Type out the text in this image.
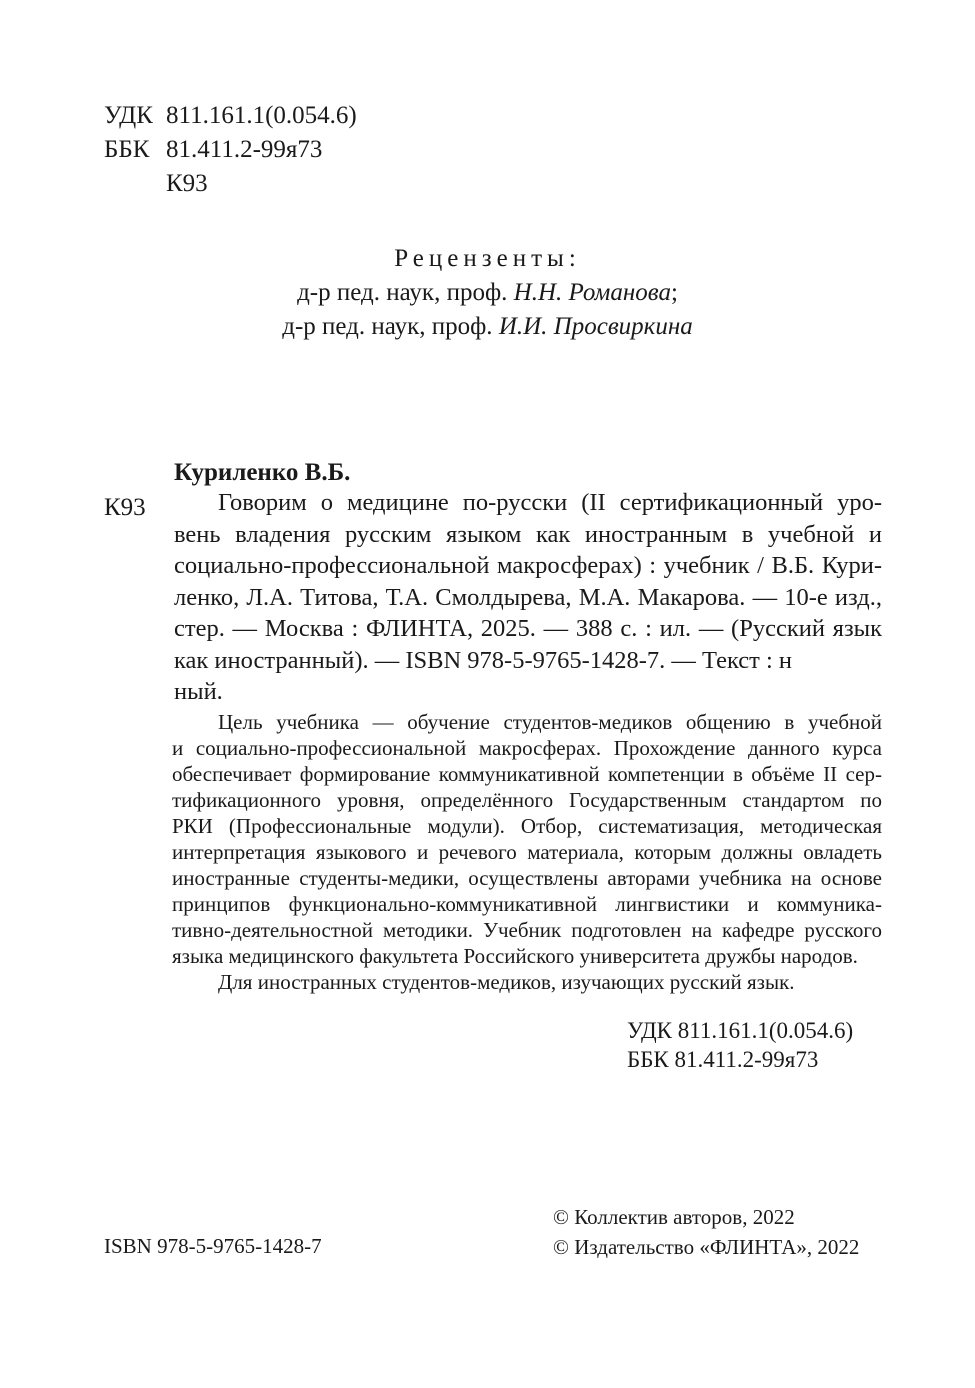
УДК 811.161.1(0.054.6)
ББК 81.411.2-99я73
К93
Рецензенты:
д-р пед. наук, проф. Н.Н. Романова;
д-р пед. наук, проф. И.И. Просвиркина
Куриленко В.Б.
К93	Говорим о медицине по-русски (II сертификационный уро-
вень владения русским языком как иностранным в учебной и
социально-профессиональной макросферах) : учебник / В.Б. Кури-
ленко, Л.А. Титова, Т.А. Смолдырева, М.А. Макарова. — 10-е изд.,
стер. — Москва : ФЛИНТА, 2025. — 388 с. : ил. — (Русский язык
как иностранный). — ISBN 978-5-9765-1428-7. — Текст : н
ный.
Цель учебника — обучение студентов-медиков общению в учебной
и социально-профессиональной макросферах. Прохождение данного курса
обеспечивает формирование коммуникативной компетенции в объёме II сер-
тификационного уровня, определённого Государственным стандартом по
РКИ (Профессиональные модули). Отбор, систематизация, методическая
интерпретация языкового и речевого материала, которым должны овладеть
иностранные студенты-медики, осуществлены авторами учебника на основе
принципов функционально-коммуникативной лингвистики и коммуника-
тивно-деятельностной методики. Учебник подготовлен на кафедре русского
языка медицинского факультета Российского университета дружбы народов.
Для иностранных студентов-медиков, изучающих русский язык.
УДК 811.161.1(0.054.6)
ББК 81.411.2-99я73
ISBN 978-5-9765-1428-7
© Коллектив авторов, 2022
© Издательство «ФЛИНТА», 2022
